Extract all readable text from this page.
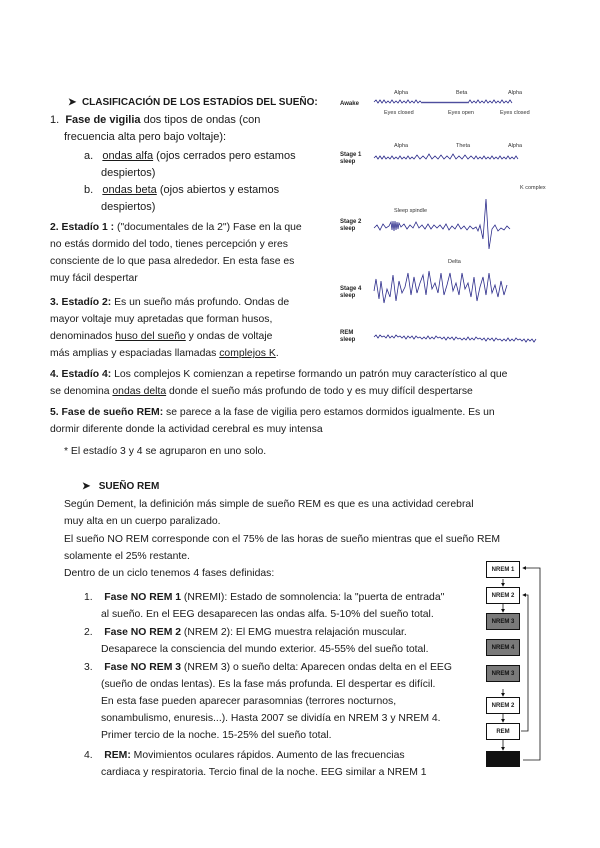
➤  CLASIFICACIÓN DE LOS ESTADÍOS DEL SUEÑO:
1. Fase de vigilia dos tipos de ondas (con
frecuencia alta pero bajo voltaje):
a. ondas alfa (ojos cerrados pero estamos
despiertos)
b. ondas beta (ojos abiertos y estamos
despiertos)
2. Estadío 1 : ("documentales de la 2") Fase en la que
no estás dormido del todo, tienes percepción y eres
consciente de lo que pasa alrededor. En esta fase es
muy fácil despertar
3. Estadío 2: Es un sueño más profundo. Ondas de
mayor voltaje muy apretadas que forman husos,
denominados huso del sueño y ondas de voltaje
más amplias y espaciadas llamadas complejos K.
4. Estadío 4: Los complejos K comienzan a repetirse formando un patrón muy característico al que
se denomina ondas delta donde el sueño más profundo de todo y es muy difícil despertarse
5. Fase de sueño REM: se parece a la fase de vigilia pero estamos dormidos igualmente. Es un
dormir diferente donde la actividad cerebral es muy intensa
* El estadío 3 y 4 se agruparon en uno solo.
Awake
Stage 1
sleep
Stage 2
sleep
Stage 4
sleep
REM
sleep
Alpha	Beta	Alpha
Eyes closed	Eyes open	Eyes closed
Alpha	Theta	Alpha
Sleep spindle
K complex
Delta
➤   SUEÑO REM
Según Dement, la definición más simple de sueño REM es que es una actividad cerebral
muy alta en un cuerpo paralizado.
El sueño NO REM corresponde con el 75% de las horas de sueño mientras que el sueño REM
solamente el 25% restante.
Dentro de un ciclo tenemos 4 fases definidas:
1. Fase NO REM 1 (NREMI): Estado de somnolencia: la "puerta de entrada"
al sueño. En el EEG desaparecen las ondas alfa. 5-10% del sueño total.
2. Fase NO REM 2 (NREM 2): El EMG muestra relajación muscular.
Desaparece la consciencia del mundo exterior. 45-55% del sueño total.
3. Fase NO REM 3 (NREM 3) o sueño delta: Aparecen ondas delta en el EEG
(sueño de ondas lentas). Es la fase más profunda. El despertar es difícil.
En esta fase pueden aparecer parasomnias (terrores nocturnos,
sonambulismo, enuresis...). Hasta 2007 se dividía en NREM 3 y NREM 4.
Primer tercio de la noche. 15-25% del sueño total.
4. REM: Movimientos oculares rápidos. Aumento de las frecuencias
cardiaca y respiratoria. Tercio final de la noche. EEG similar a NREM 1
NREM 1
NREM 2
NREM 3
NREM 4
NREM 3
NREM 2
REM
